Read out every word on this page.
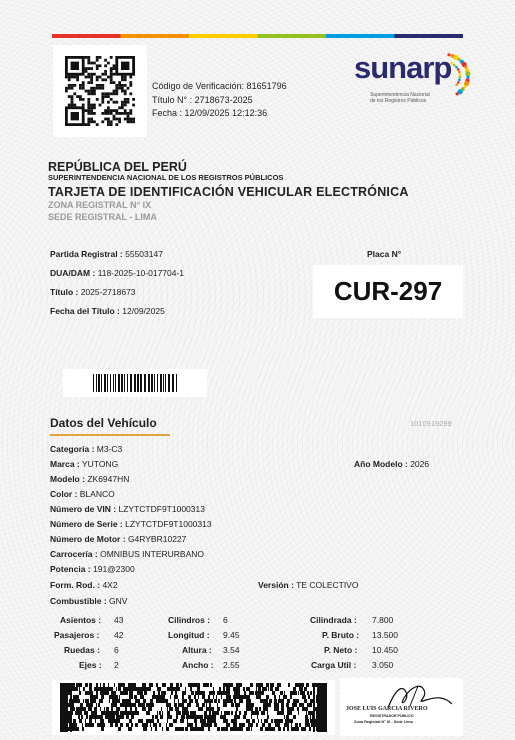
Código de Verificación: 81651796
Título N° : 2718673-2025
Fecha : 12/09/2025 12:12:36
sunarp
Superintendencia Nacional
de los Registros Públicos
REPÚBLICA DEL PERÚ
SUPERINTENDENCIA NACIONAL DE LOS REGISTROS PÚBLICOS
TARJETA DE IDENTIFICACIÓN VEHICULAR ELECTRÓNICA
ZONA REGISTRAL N° IX
SEDE REGISTRAL - LIMA
Partida Registral : 55503147
DUA/DAM : 118-2025-10-017704-1
Título : 2025-2718673
Fecha del Título : 12/09/2025
Placa N°
CUR-297
Datos del Vehículo	1010919299
Categoría : M3-C3
Marca : YUTONG	Año Modelo : 2026
Modelo : ZK6947HN
Color : BLANCO
Número de VIN : LZYTCTDF9T1000313
Número de Serie : LZYTCTDF9T1000313
Número de Motor : G4RYBR10227
Carrocería : OMNIBUS INTERURBANO
Potencia : 191@2300
Form. Rod. : 4X2	Versión : TE COLECTIVO
Combustible : GNV
Asientos : 43	Cilindros : 6	Cilindrada : 7.800
Pasajeros : 42	Longitud : 9.45	P. Bruto : 13.500
Ruedas : 6	Altura : 3.54	P. Neto : 10.450
Ejes : 2	Ancho : 2.55	Carga Util : 3.050
JOSE LUIS GARCIA RIVERO
REGISTRADOR PÚBLICO
Zona Registral N° IX - Sede Lima
